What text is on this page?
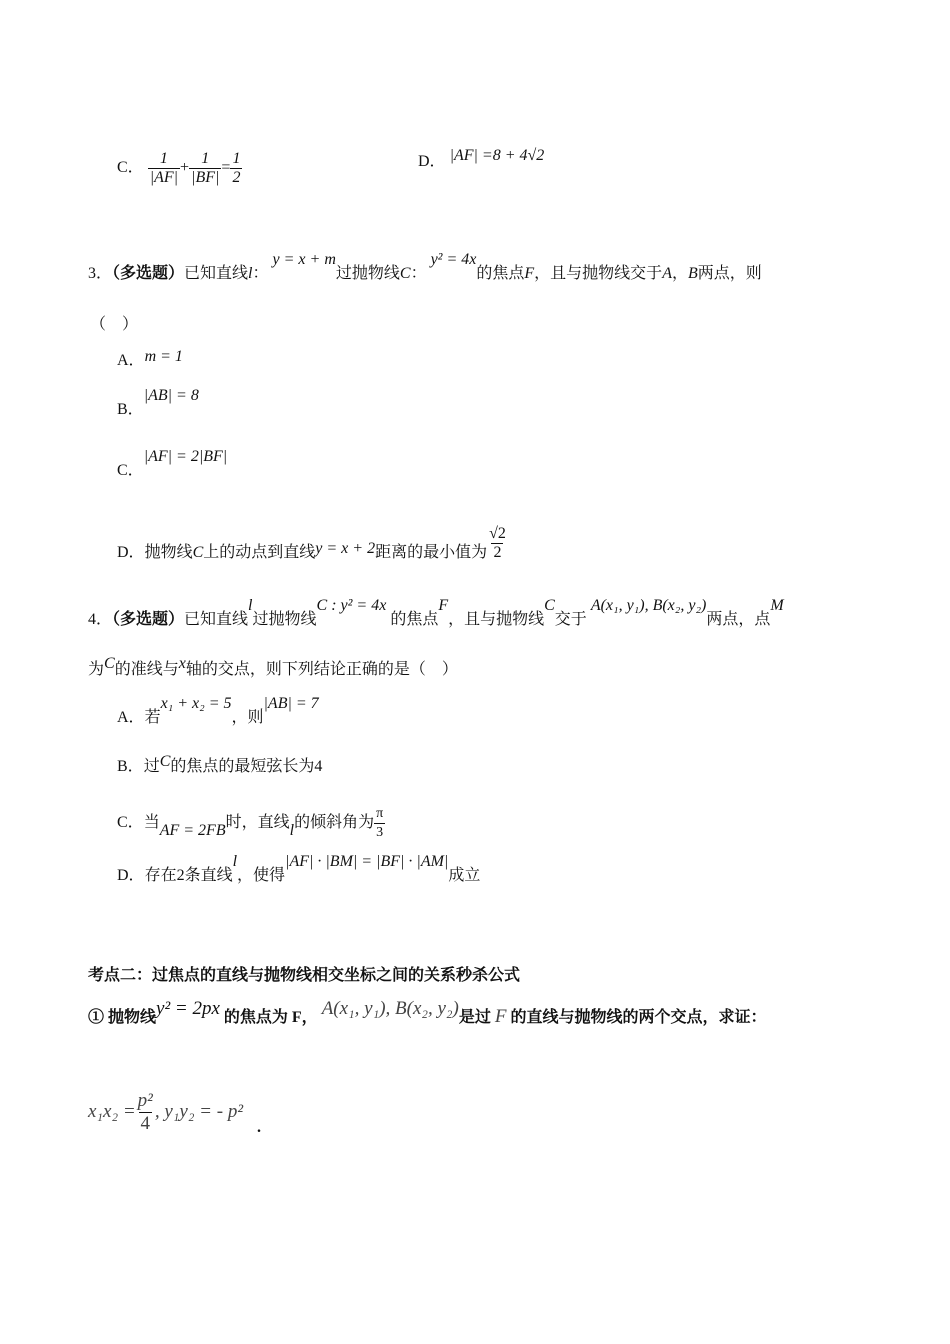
C． $\frac{1}{|AF|} + \frac{1}{|BF|} = \frac{1}{2}$	D． |AF| =8 + 4√2
3．（多选题）已知直线l： y = x + m过抛物线C： y² = 4x的焦点F，且与抛物线交于A，B两点，则
（　）
A．m = 1
B．|AB| = 8
C．|AF| = 2|BF|
D．抛物线C上的动点到直线y = x + 2距离的最小值为 $\frac{√2}{2}$
4．（多选题）已知直线l过抛物线C : y² = 4x 的焦点F，且与抛物线C交于 A(x₁, y₁), B(x₂, y₂)两点，点M
为C的准线与x轴的交点，则下列结论正确的是（　）
A．若x₁ + x₂ = 5，则|AB| = 7
B．过C的焦点的最短弦长为4
C．当AF = 2FB时，直线l的倾斜角为 $\frac{\pi}{3}$
D．存在2条直线l，使得|AF| · |BM| = |BF| · |AM|成立
考点二：过焦点的直线与抛物线相交坐标之间的关系秒杀公式
① 抛物线y² = 2px 的焦点为 F， A(x₁, y₁), B(x₂, y₂)是过 F 的直线与抛物线的两个交点，求证：
$x_1x_2 = \frac{\text{p²}}{4}$ , y₁y₂ = - p²
.
